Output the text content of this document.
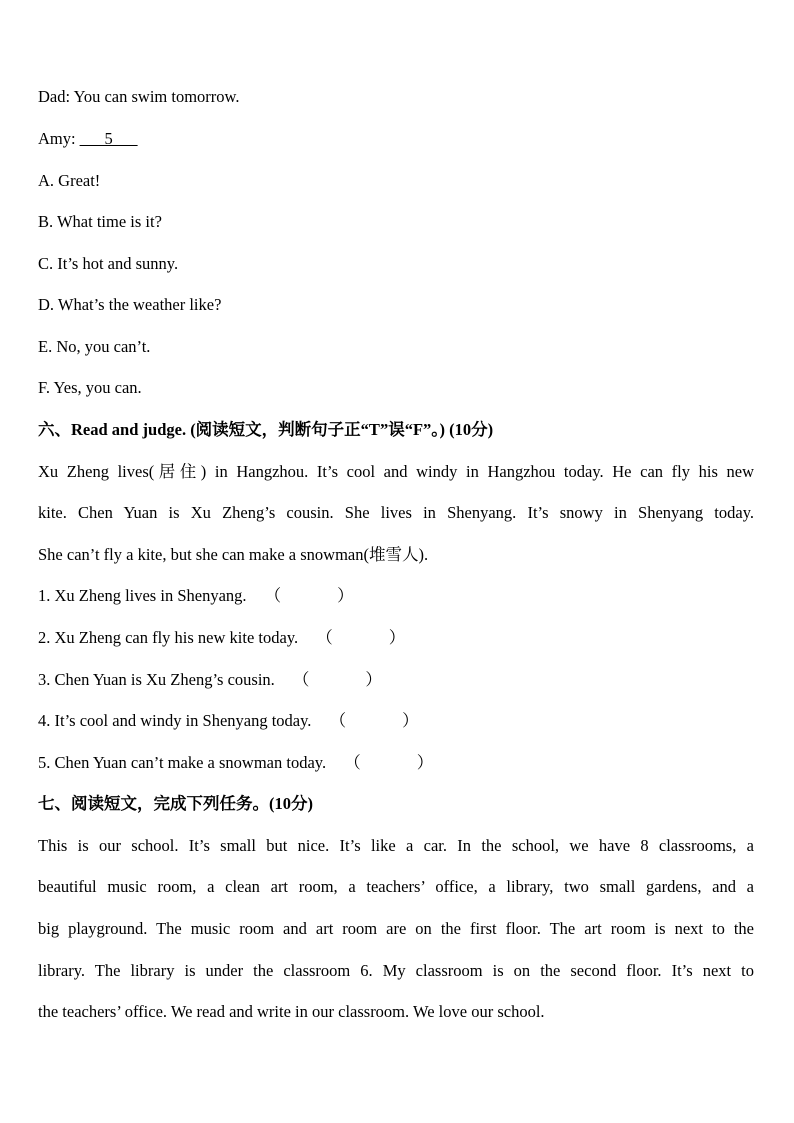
Dad: You can swim tomorrow.
Amy: ___5___
A. Great!
B. What time is it?
C. It’s hot and sunny.
D. What’s the weather like?
E. No, you can’t.
F. Yes, you can.
六、Read and judge. (阅读短文，判断句子正“T”误“F”。) (10分)
Xu Zheng lives(居住) in Hangzhou. It’s cool and windy in Hangzhou today. He can fly his new
kite. Chen Yuan is Xu Zheng’s cousin. She lives in Shenyang. It’s snowy in Shenyang today.
She can’t fly a kite, but she can make a snowman(堆雪人).
1. Xu Zheng lives in Shenyang. （	）
2. Xu Zheng can fly his new kite today. （	）
3. Chen Yuan is Xu Zheng’s cousin. （	）
4. It’s cool and windy in Shenyang today. （	）
5. Chen Yuan can’t make a snowman today. （	）
七、阅读短文，完成下列任务。(10分)
This is our school. It’s small but nice. It’s like a car. In the school, we have 8 classrooms, a
beautiful music room, a clean art room, a teachers’ office, a library, two small gardens, and a
big playground. The music room and art room are on the first floor. The art room is next to the
library. The library is under the classroom 6. My classroom is on the second floor. It’s next to
the teachers’ office. We read and write in our classroom. We love our school.
